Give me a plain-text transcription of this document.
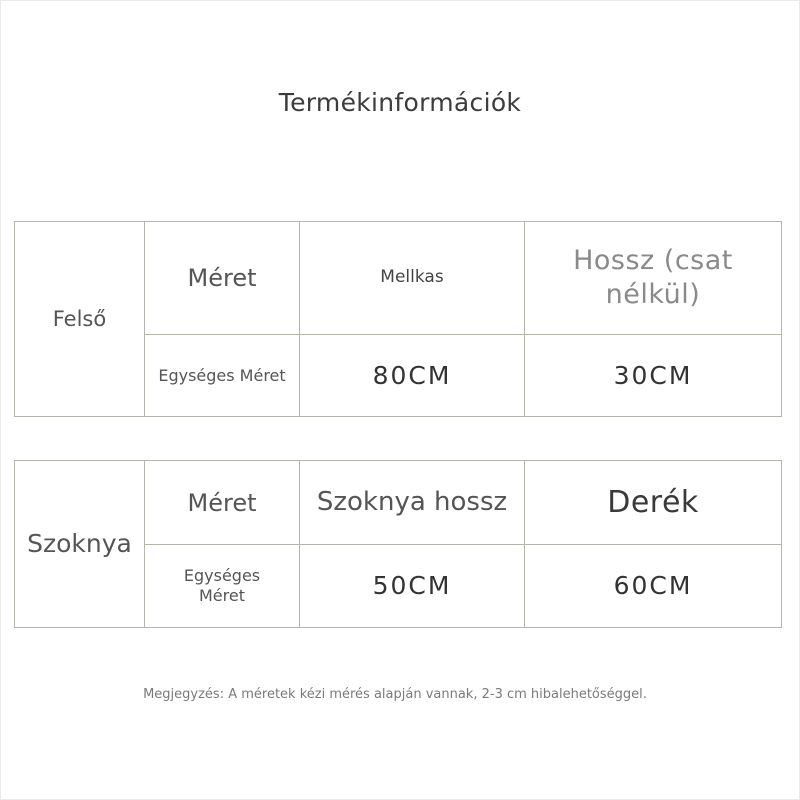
Termékinformációk
Felső	Méret	Mellkas	Hossz (csat nélkül)
	Egységes Méret	80CM	30CM
Szoknya	Méret	Szoknya hossz	Derék
	Egységes Méret	50CM	60CM
Megjegyzés: A méretek kézi mérés alapján vannak, 2-3 cm hibalehetőséggel.
